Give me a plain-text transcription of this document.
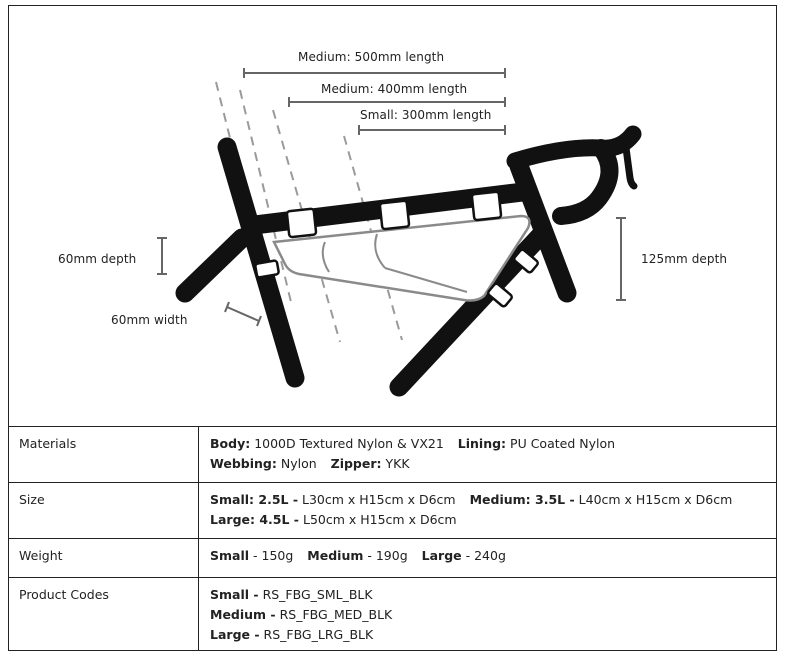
Medium: 500mm length
Medium: 400mm length
Small: 300mm length
60mm depth
60mm width
125mm depth
Materials	Body: 1000D Textured Nylon & VX21 Lining: PU Coated Nylon
Webbing: Nylon Zipper: YKK
Size	Small: 2.5L - L30cm x H15cm x D6cm Medium: 3.5L - L40cm x H15cm x D6cm
Large: 4.5L - L50cm x H15cm x D6cm
Weight	Small - 150g Medium - 190g Large - 240g
Product Codes	Small - RS_FBG_SML_BLK
Medium - RS_FBG_MED_BLK
Large - RS_FBG_LRG_BLK
